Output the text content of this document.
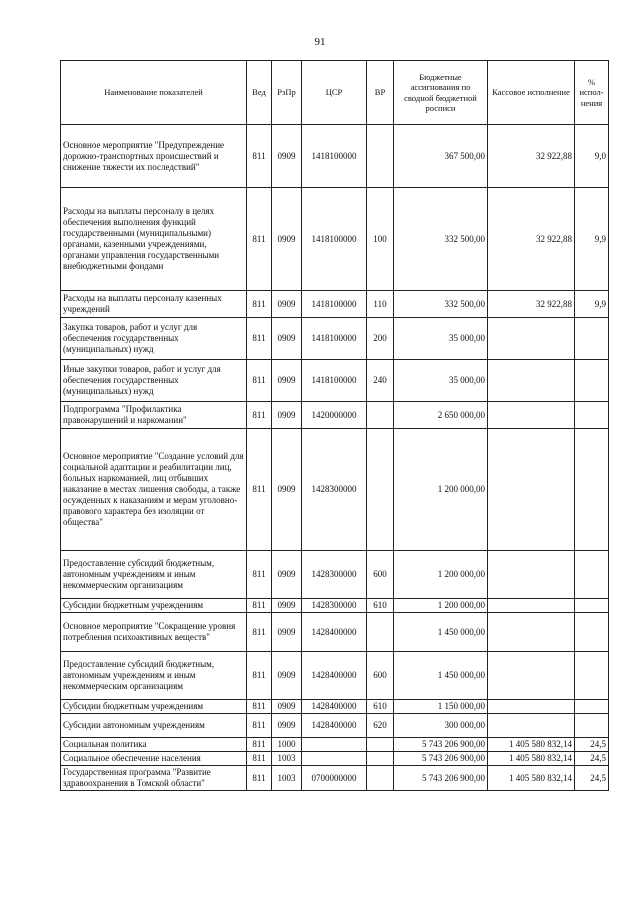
91
Наименование показателей	Вед	РзПр	ЦСР	ВР	Бюджетные ассигнования по сводной бюджетной росписи	Кассовое исполнение	% испол-нения
Основное мероприятие "Предупреждение дорожно-транспортных происшествий и снижение тяжести их последствий"	811	0909	1418100000		367 500,00	32 922,88	9,0
Расходы на выплаты персоналу в целях обеспечения выполнения функций государственными (муниципальными) органами, казенными учреждениями, органами управления государственными внебюджетными фондами	811	0909	1418100000	100	332 500,00	32 922,88	9,9
Расходы на выплаты персоналу казенных учреждений	811	0909	1418100000	110	332 500,00	32 922,88	9,9
Закупка товаров, работ и услуг для обеспечения государственных (муниципальных) нужд	811	0909	1418100000	200	35 000,00		
Иные закупки товаров, работ и услуг для обеспечения государственных (муниципальных) нужд	811	0909	1418100000	240	35 000,00		
Подпрограмма "Профилактика правонарушений и наркомании"	811	0909	1420000000		2 650 000,00		
Основное мероприятие "Создание условий для социальной адаптации и реабилитации лиц, больных наркоманией, лиц отбывших наказание в местах лишения свободы, а также осужденных к наказаниям и мерам уголовно-правового характера без изоляции от общества"	811	0909	1428300000		1 200 000,00		
Предоставление субсидий бюджетным, автономным учреждениям и иным некоммерческим организациям	811	0909	1428300000	600	1 200 000,00		
Субсидии бюджетным учреждениям	811	0909	1428300000	610	1 200 000,00		
Основное мероприятие "Сокращение уровня потребления психоактивных веществ"	811	0909	1428400000		1 450 000,00		
Предоставление субсидий бюджетным, автономным учреждениям и иным некоммерческим организациям	811	0909	1428400000	600	1 450 000,00		
Субсидии бюджетным учреждениям	811	0909	1428400000	610	1 150 000,00		
Субсидии автономным учреждениям	811	0909	1428400000	620	300 000,00		
Социальная политика	811	1000			5 743 206 900,00	1 405 580 832,14	24,5
Социальное обеспечение населения	811	1003			5 743 206 900,00	1 405 580 832,14	24,5
Государственная программа "Развитие здравоохранения в Томской области"	811	1003	0700000000		5 743 206 900,00	1 405 580 832,14	24,5
